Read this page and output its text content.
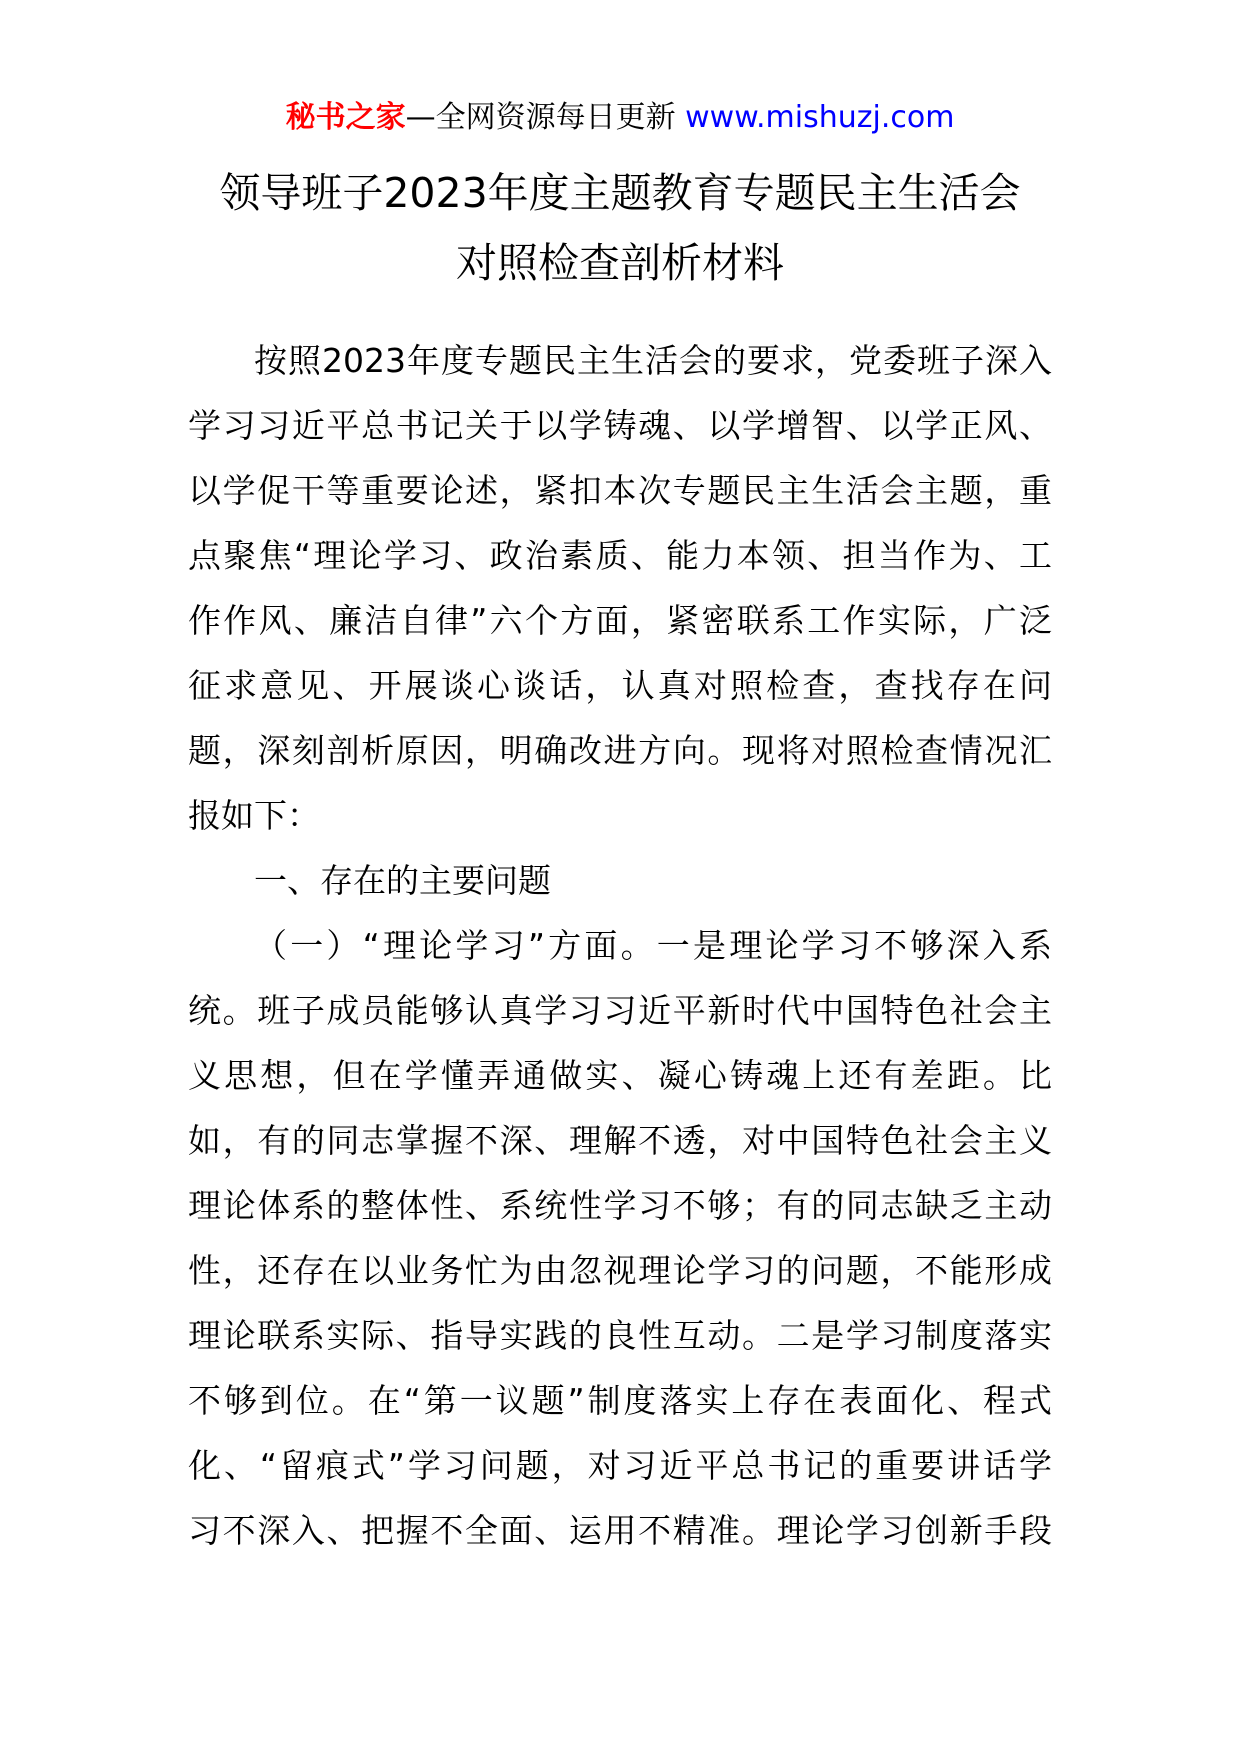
秘书之家—全网资源每日更新 www.mishuzj.com
领导班子2023年度主题教育专题民主生活会
对照检查剖析材料
按照2023年度专题民主生活会的要求，党委班子深入
学习习近平总书记关于以学铸魂、以学增智、以学正风、
以学促干等重要论述，紧扣本次专题民主生活会主题，重
点聚焦“理论学习、政治素质、能力本领、担当作为、工
作作风、廉洁自律”六个方面，紧密联系工作实际，广泛
征求意见、开展谈心谈话，认真对照检查，查找存在问
题，深刻剖析原因，明确改进方向。现将对照检查情况汇
报如下：
一、存在的主要问题
（一）“理论学习”方面。一是理论学习不够深入系
统。班子成员能够认真学习习近平新时代中国特色社会主
义思想，但在学懂弄通做实、凝心铸魂上还有差距。比
如，有的同志掌握不深、理解不透，对中国特色社会主义
理论体系的整体性、系统性学习不够；有的同志缺乏主动
性，还存在以业务忙为由忽视理论学习的问题，不能形成
理论联系实际、指导实践的良性互动。二是学习制度落实
不够到位。在“第一议题”制度落实上存在表面化、程式
化、“留痕式”学习问题，对习近平总书记的重要讲话学
习不深入、把握不全面、运用不精准。理论学习创新手段
